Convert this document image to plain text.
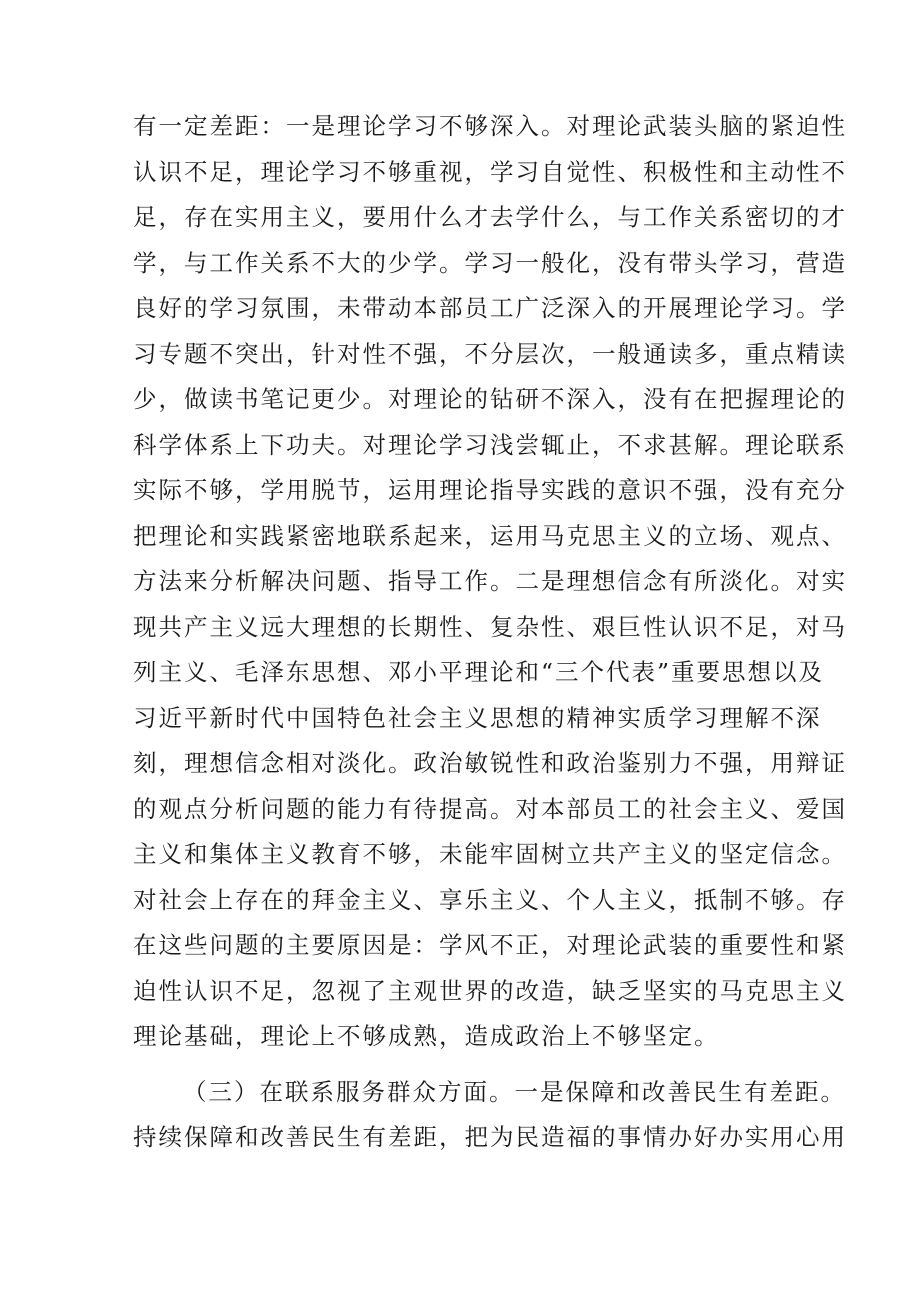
有一定差距：一是理论学习不够深入。对理论武装头脑的紧迫性
认识不足，理论学习不够重视，学习自觉性、积极性和主动性不
足，存在实用主义，要用什么才去学什么，与工作关系密切的才
学，与工作关系不大的少学。学习一般化，没有带头学习，营造
良好的学习氛围，未带动本部员工广泛深入的开展理论学习。学
习专题不突出，针对性不强，不分层次，一般通读多，重点精读
少，做读书笔记更少。对理论的钻研不深入，没有在把握理论的
科学体系上下功夫。对理论学习浅尝辄止，不求甚解。理论联系
实际不够，学用脱节，运用理论指导实践的意识不强，没有充分
把理论和实践紧密地联系起来，运用马克思主义的立场、观点、
方法来分析解决问题、指导工作。二是理想信念有所淡化。对实
现共产主义远大理想的长期性、复杂性、艰巨性认识不足，对马
列主义、毛泽东思想、邓小平理论和“三个代表”重要思想以及
习近平新时代中国特色社会主义思想的精神实质学习理解不深
刻，理想信念相对淡化。政治敏锐性和政治鉴别力不强，用辩证
的观点分析问题的能力有待提高。对本部员工的社会主义、爱国
主义和集体主义教育不够，未能牢固树立共产主义的坚定信念。
对社会上存在的拜金主义、享乐主义、个人主义，抵制不够。存
在这些问题的主要原因是：学风不正，对理论武装的重要性和紧
迫性认识不足，忽视了主观世界的改造，缺乏坚实的马克思主义
理论基础，理论上不够成熟，造成政治上不够坚定。
（三）在联系服务群众方面。一是保障和改善民生有差距。
持续保障和改善民生有差距，把为民造福的事情办好办实用心用
